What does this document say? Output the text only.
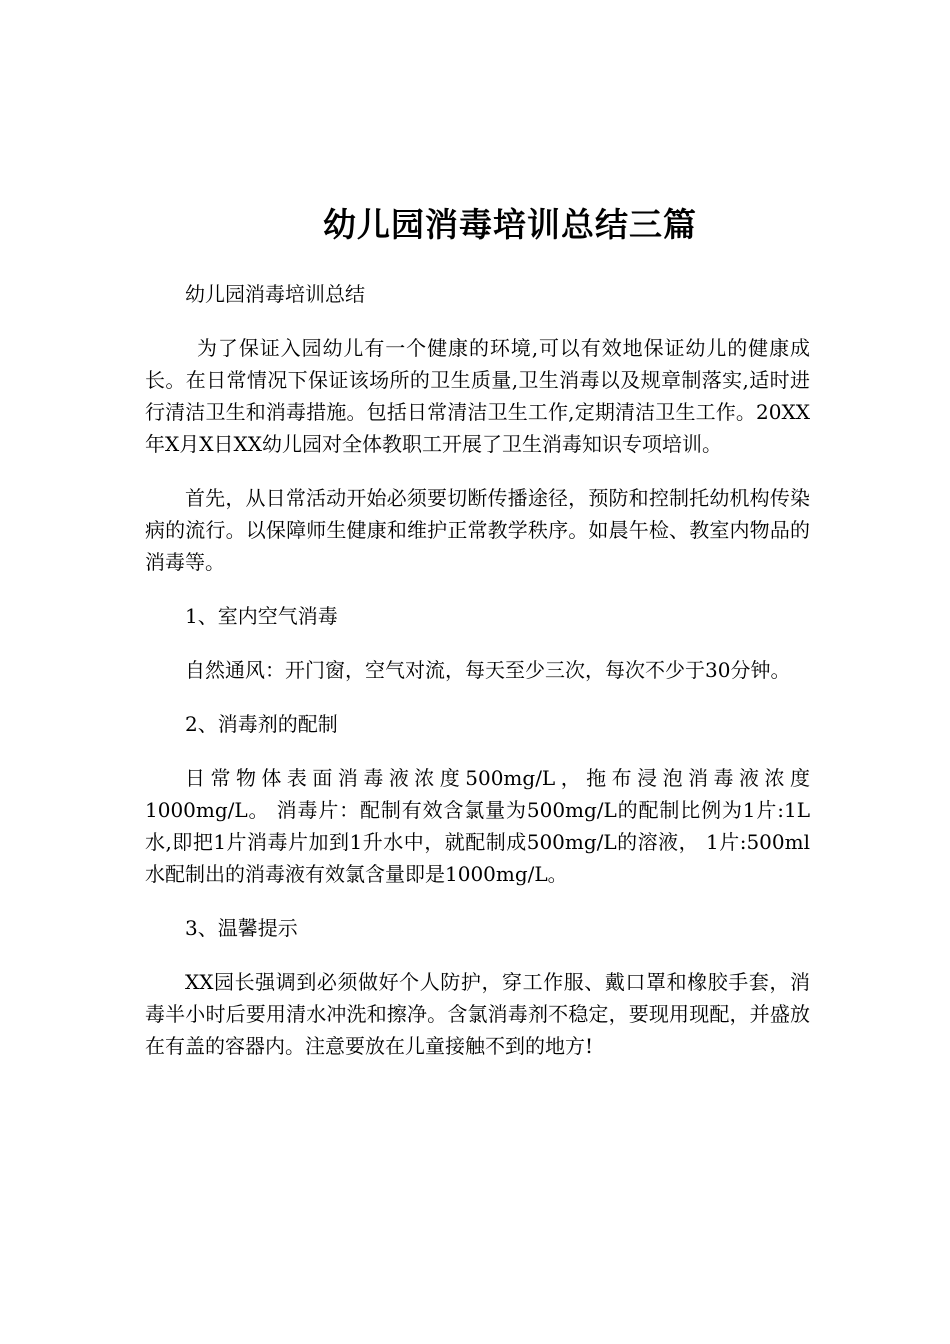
幼儿园消毒培训总结三篇

幼儿园消毒培训总结

为了保证入园幼儿有一个健康的环境,可以有效地保证幼儿的健康成长。在日常情况下保证该场所的卫生质量,卫生消毒以及规章制落实,适时进行清洁卫生和消毒措施。包括日常清洁卫生工作,定期清洁卫生工作。20XX年X月X日XX幼儿园对全体教职工开展了卫生消毒知识专项培训。

首先，从日常活动开始必须要切断传播途径，预防和控制托幼机构传染病的流行。以保障师生健康和维护正常教学秩序。如晨午检、教室内物品的消毒等。

1、室内空气消毒

自然通风：开门窗，空气对流，每天至少三次，每次不少于30分钟。

2、消毒剂的配制

日常物体表面消毒液浓度500mg/L，拖布浸泡消毒液浓度1000mg/L。 消毒片：配制有效含氯量为500mg/L的配制比例为1片:1L水,即把1片消毒片加到1升水中，就配制成500mg/L的溶液， 1片:500ml水配制出的消毒液有效氯含量即是1000mg/L。

3、温馨提示

XX园长强调到必须做好个人防护，穿工作服、戴口罩和橡胶手套，消毒半小时后要用清水冲洗和擦净。含氯消毒剂不稳定，要现用现配，并盛放在有盖的容器内。注意要放在儿童接触不到的地方!
